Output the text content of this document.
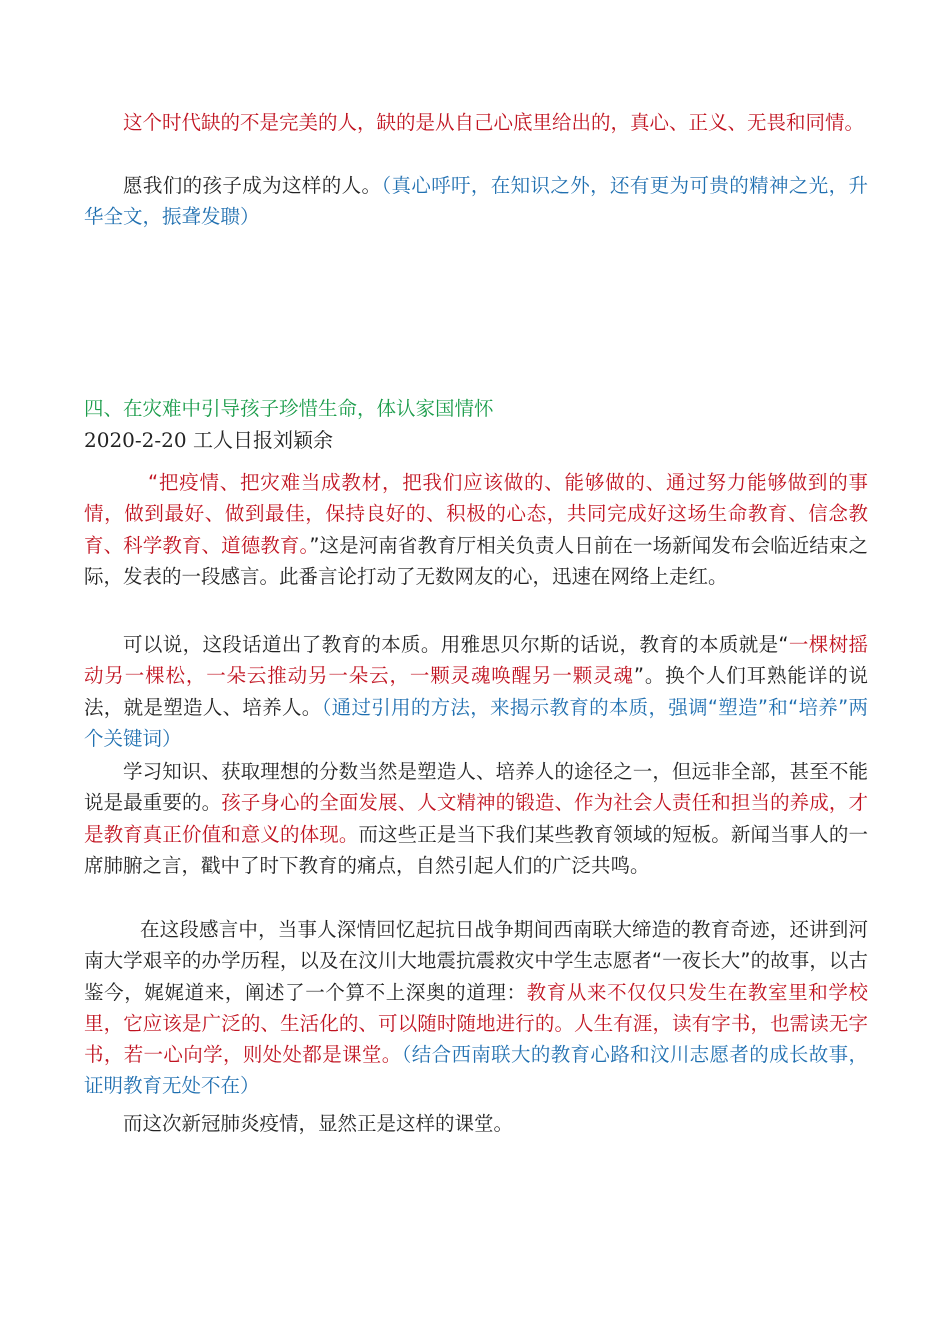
这个时代缺的不是完美的人，缺的是从自己心底里给出的，真心、正义、无畏和同情。

愿我们的孩子成为这样的人。（真心呼吁，在知识之外，还有更为可贵的精神之光，升华全文，振聋发聩）

四、在灾难中引导孩子珍惜生命，体认家国情怀

2020-2-20 工人日报刘颖余

“把疫情、把灾难当成教材，把我们应该做的、能够做的、通过努力能够做到的事情，做到最好、做到最佳，保持良好的、积极的心态，共同完成好这场生命教育、信念教育、科学教育、道德教育。”这是河南省教育厅相关负责人日前在一场新闻发布会临近结束之际，发表的一段感言。此番言论打动了无数网友的心，迅速在网络上走红。

可以说，这段话道出了教育的本质。用雅思贝尔斯的话说，教育的本质就是“一棵树摇动另一棵松，一朵云推动另一朵云，一颗灵魂唤醒另一颗灵魂”。换个人们耳熟能详的说法，就是塑造人、培养人。（通过引用的方法，来揭示教育的本质，强调“塑造”和“培养”两个关键词）

学习知识、获取理想的分数当然是塑造人、培养人的途径之一，但远非全部，甚至不能说是最重要的。孩子身心的全面发展、人文精神的锻造、作为社会人责任和担当的养成，才是教育真正价值和意义的体现。而这些正是当下我们某些教育领域的短板。新闻当事人的一席肺腑之言，戳中了时下教育的痛点，自然引起人们的广泛共鸣。

在这段感言中，当事人深情回忆起抗日战争期间西南联大缔造的教育奇迹，还讲到河南大学艰辛的办学历程，以及在汶川大地震抗震救灾中学生志愿者“一夜长大”的故事，以古鉴今，娓娓道来，阐述了一个算不上深奥的道理：教育从来不仅仅只发生在教室里和学校里，它应该是广泛的、生活化的、可以随时随地进行的。人生有涯，读有字书，也需读无字书，若一心向学，则处处都是课堂。（结合西南联大的教育心路和汶川志愿者的成长故事，证明教育无处不在）

而这次新冠肺炎疫情，显然正是这样的课堂。
